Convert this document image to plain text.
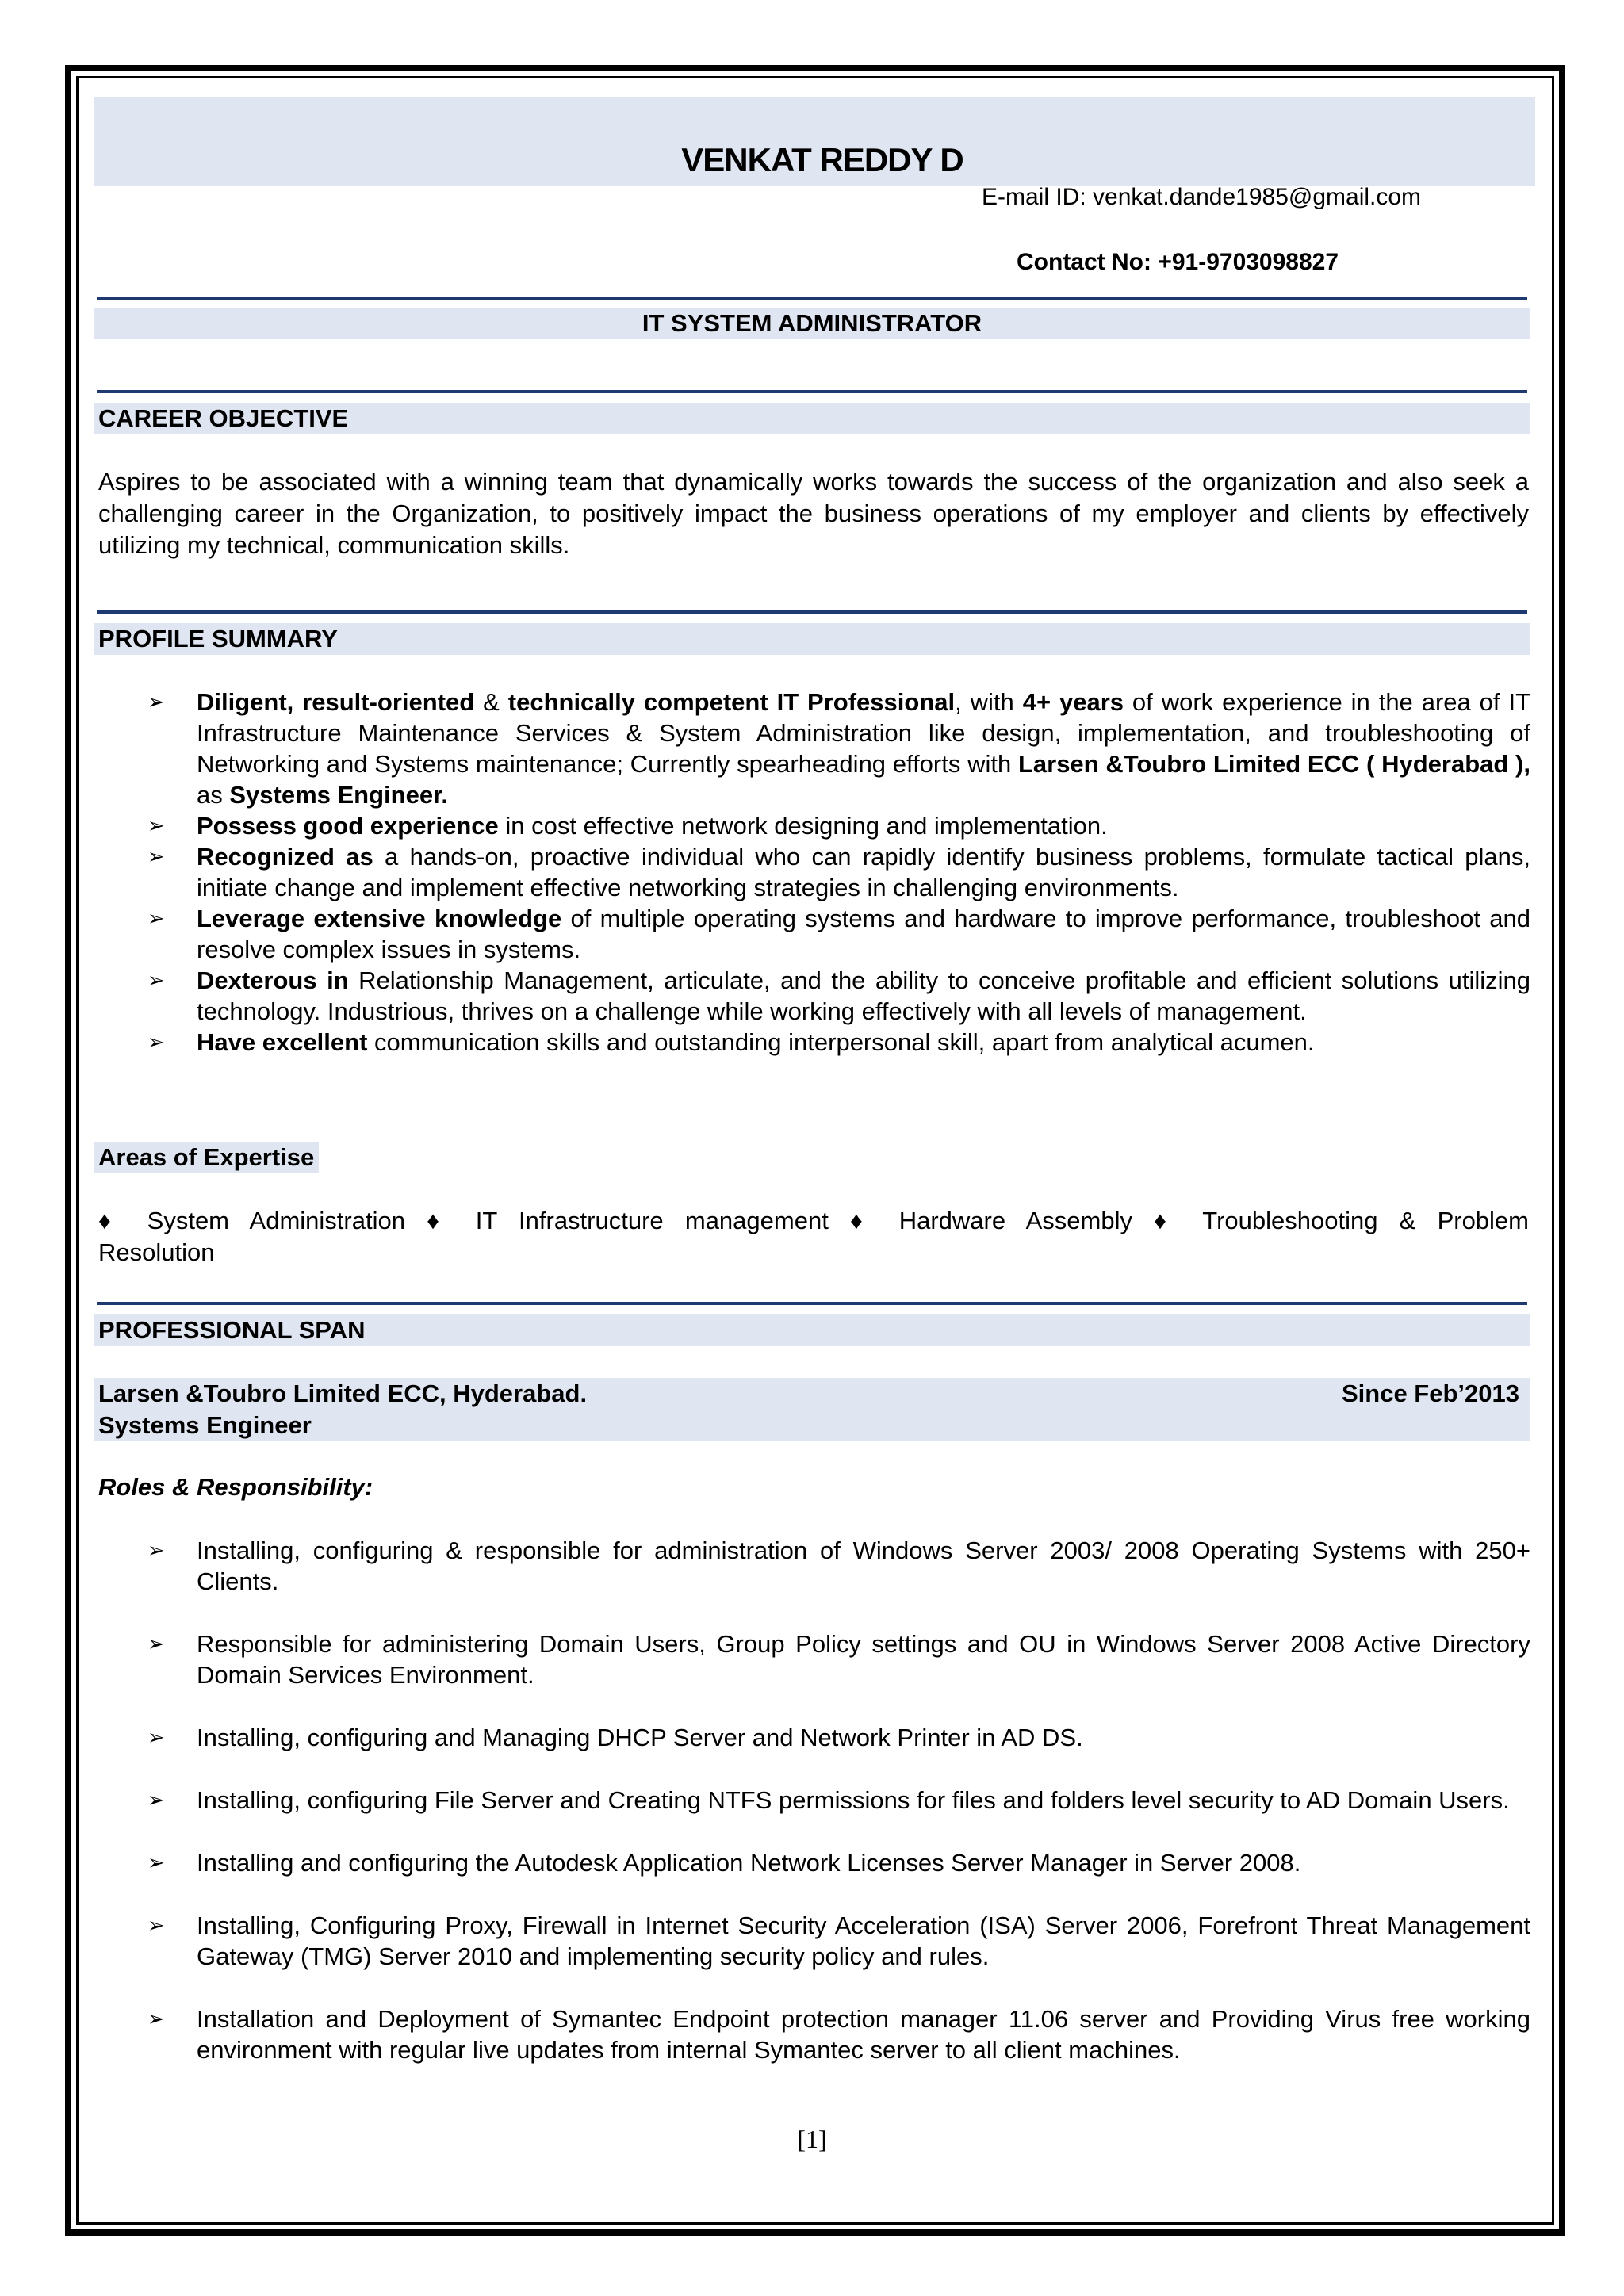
VENKAT REDDY D
E-mail ID: venkat.dande1985@gmail.com
Contact No: +91-9703098827
IT SYSTEM ADMINISTRATOR
CAREER OBJECTIVE
Aspires to be associated with a winning team that dynamically works towards the success of the organization and also seek a challenging career in the Organization, to positively impact the business operations of my employer and clients by effectively utilizing my technical, communication skills.
PROFILE SUMMARY
➢ Diligent, result-oriented & technically competent IT Professional, with 4+ years of work experience in the area of IT Infrastructure Maintenance Services & System Administration like design, implementation, and troubleshooting of Networking and Systems maintenance; Currently spearheading efforts with Larsen &Toubro Limited ECC ( Hyderabad ), as Systems Engineer.
➢ Possess good experience in cost effective network designing and implementation.
➢ Recognized as a hands-on, proactive individual who can rapidly identify business problems, formulate tactical plans, initiate change and implement effective networking strategies in challenging environments.
➢ Leverage extensive knowledge of multiple operating systems and hardware to improve performance, troubleshoot and resolve complex issues in systems.
➢ Dexterous in Relationship Management, articulate, and the ability to conceive profitable and efficient solutions utilizing technology. Industrious, thrives on a challenge while working effectively with all levels of management.
➢ Have excellent communication skills and outstanding interpersonal skill, apart from analytical acumen.
Areas of Expertise
♦ System Administration ♦ IT Infrastructure management ♦ Hardware Assembly ♦ Troubleshooting & Problem
Resolution
PROFESSIONAL SPAN
Larsen &Toubro Limited ECC, Hyderabad.
Systems Engineer
Since Feb’2013
Roles & Responsibility:
➢ Installing, configuring & responsible for administration of Windows Server 2003/ 2008 Operating Systems with 250+ Clients.
➢ Responsible for administering Domain Users, Group Policy settings and OU in Windows Server 2008 Active Directory Domain Services Environment.
➢ Installing, configuring and Managing DHCP Server and Network Printer in AD DS.
➢ Installing, configuring File Server and Creating NTFS permissions for files and folders level security to AD Domain Users.
➢ Installing and configuring the Autodesk Application Network Licenses Server Manager in Server 2008.
➢ Installing, Configuring Proxy, Firewall in Internet Security Acceleration (ISA) Server 2006, Forefront Threat Management Gateway (TMG) Server 2010 and implementing security policy and rules.
➢ Installation and Deployment of Symantec Endpoint protection manager 11.06 server and Providing Virus free working environment with regular live updates from internal Symantec server to all client machines.
[1]
